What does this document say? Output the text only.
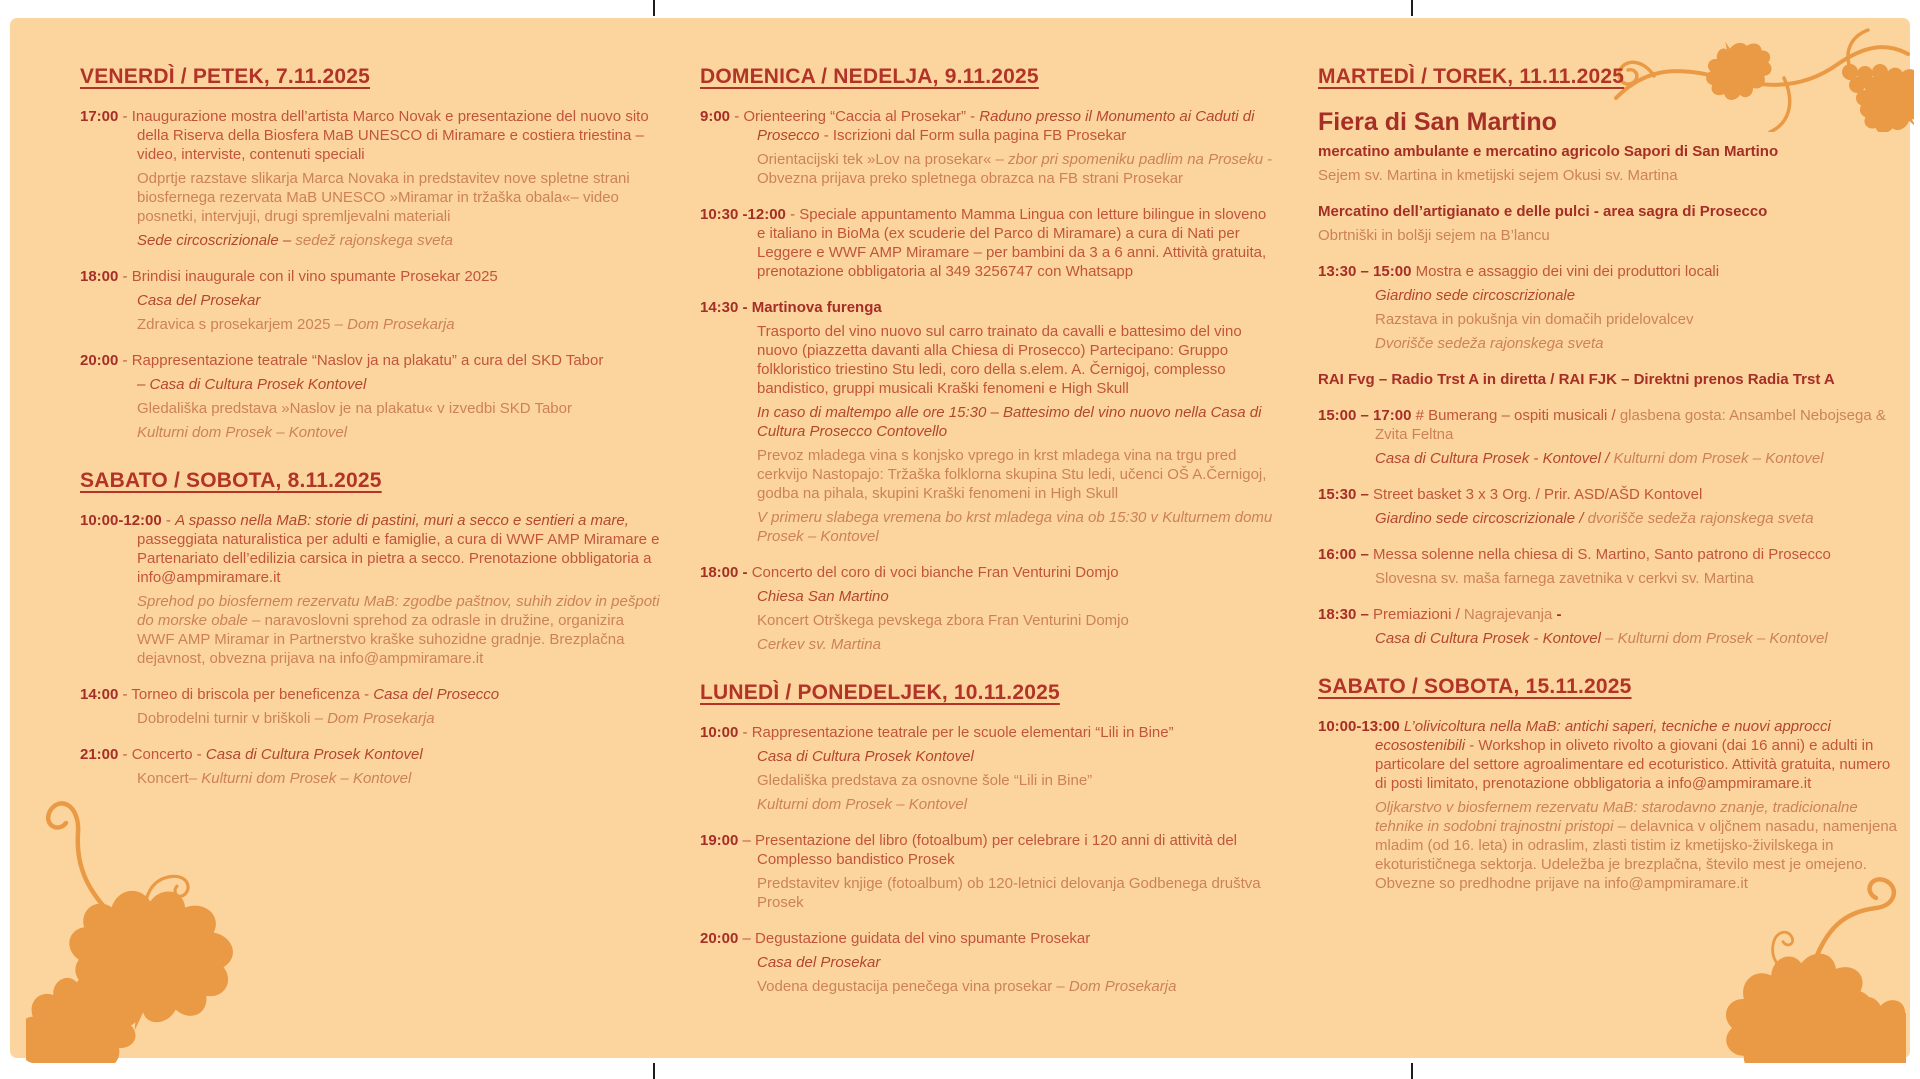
VENERDÌ / PETEK, 7.11.2025

17:00 - Inaugurazione mostra dell’artista Marco Novak e presentazione del nuovo sito della Riserva della Biosfera MaB UNESCO di Miramare e costiera triestina – video, interviste, contenuti speciali

Odprtje razstave slikarja Marca Novaka in predstavitev nove spletne strani biosfernega rezervata MaB UNESCO »Miramar in tržaška obala«– video posnetki, intervjuji, drugi spremljevalni materiali

Sede circoscrizionale – sedež rajonskega sveta

18:00 - Brindisi inaugurale con il vino spumante Prosekar 2025

Casa del Prosekar

Zdravica s prosekarjem 2025 – Dom Prosekarja

20:00 - Rappresentazione teatrale “Naslov ja na plakatu” a cura del SKD Tabor

– Casa di Cultura Prosek Kontovel

Gledališka predstava »Naslov je na plakatu« v izvedbi SKD Tabor

Kulturni dom Prosek – Kontovel

SABATO / SOBOTA, 8.11.2025

10:00-12:00 - A spasso nella MaB: storie di pastini, muri a secco e sentieri a mare, passeggiata naturalistica per adulti e famiglie, a cura di WWF AMP Miramare e Partenariato dell’edilizia carsica in pietra a secco. Prenotazione obbligatoria a info@ampmiramare.it

Sprehod po biosfernem rezervatu MaB: zgodbe paštnov, suhih zidov in pešpoti do morske obale – naravoslovni sprehod za odrasle in družine, organizira WWF AMP Miramar in Partnerstvo kraške suhozidne gradnje. Brezplačna dejavnost, obvezna prijava na info@ampmiramare.it

14:00 - Torneo di briscola per beneficenza - Casa del Prosecco

Dobrodelni turnir v briškoli – Dom Prosekarja

21:00 - Concerto - Casa di Cultura Prosek Kontovel

Koncert– Kulturni dom Prosek – Kontovel

DOMENICA / NEDELJA, 9.11.2025

9:00 - Orienteering “Caccia al Prosekar” - Raduno presso il Monumento ai Caduti di Prosecco - Iscrizioni dal Form sulla pagina FB Prosekar

Orientacijski tek »Lov na prosekar« – zbor pri spomeniku padlim na Proseku - Obvezna prijava preko spletnega obrazca na FB strani Prosekar

10:30 -12:00 - Speciale appuntamento Mamma Lingua con letture bilingue in sloveno e italiano in BioMa (ex scuderie del Parco di Miramare) a cura di Nati per Leggere e WWF AMP Miramare – per bambini da 3 a 6 anni. Attività gratuita, prenotazione obbligatoria al 349 3256747 con Whatsapp

14:30 - Martinova furenga

Trasporto del vino nuovo sul carro trainato da cavalli e battesimo del vino nuovo (piazzetta davanti alla Chiesa di Prosecco) Partecipano: Gruppo folkloristico triestino Stu ledi, coro della s.elem. A. Černigoj, complesso bandistico, gruppi musicali Kraški fenomeni e High Skull

In caso di maltempo alle ore 15:30 – Battesimo del vino nuovo nella Casa di Cultura Prosecco Contovello

Prevoz mladega vina s konjsko vprego in krst mladega vina na trgu pred cerkvijo Nastopajo: Tržaška folklorna skupina Stu ledi, učenci OŠ A.Černigoj, godba na pihala, skupini Kraški fenomeni in High Skull

V primeru slabega vremena bo krst mladega vina ob 15:30 v Kulturnem domu Prosek – Kontovel

18:00 - Concerto del coro di voci bianche Fran Venturini Domjo

Chiesa San Martino

Koncert Otrškega pevskega zbora Fran Venturini Domjo

Cerkev sv. Martina

LUNEDÌ / PONEDELJEK, 10.11.2025

10:00 - Rappresentazione teatrale per le scuole elementari “Lili in Bine”

Casa di Cultura Prosek Kontovel

Gledališka predstava za osnovne šole “Lili in Bine”

Kulturni dom Prosek – Kontovel

19:00 – Presentazione del libro (fotoalbum) per celebrare i 120 anni di attività del Complesso bandistico Prosek

Predstavitev knjige (fotoalbum) ob 120-letnici delovanja Godbenega društva Prosek

20:00 – Degustazione guidata del vino spumante Prosekar

Casa del Prosekar

Vodena degustacija penečega vina prosekar – Dom Prosekarja

MARTEDÌ / TOREK, 11.11.2025

Fiera di San Martino

mercatino ambulante e mercatino agricolo Sapori di San Martino

Sejem sv. Martina in kmetijski sejem Okusi sv. Martina

Mercatino dell’artigianato e delle pulci - area sagra di Prosecco

Obrtniški in bolšji sejem na B’lancu

13:30 – 15:00 Mostra e assaggio dei vini dei produttori locali

Giardino sede circoscrizionale

Razstava in pokušnja vin domačih pridelovalcev

Dvorišče sedeža rajonskega sveta

RAI Fvg – Radio Trst A in diretta / RAI FJK – Direktni prenos Radia Trst A

15:00 – 17:00 # Bumerang – ospiti musicali / glasbena gosta: Ansambel Nebojsega & Zvita Feltna

Casa di Cultura Prosek - Kontovel / Kulturni dom Prosek – Kontovel

15:30 – Street basket 3 x 3 Org. / Prir. ASD/AŠD Kontovel

Giardino sede circoscrizionale / dvorišče sedeža rajonskega sveta

16:00 – Messa solenne nella chiesa di S. Martino, Santo patrono di Prosecco

Slovesna sv. maša farnega zavetnika v cerkvi sv. Martina

18:30 – Premiazioni / Nagrajevanja -

Casa di Cultura Prosek - Kontovel – Kulturni dom Prosek – Kontovel

SABATO / SOBOTA, 15.11.2025

10:00-13:00 L’olivicoltura nella MaB: antichi saperi, tecniche e nuovi approcci ecosostenibili - Workshop in oliveto rivolto a giovani (dai 16 anni) e adulti in particolare del settore agroalimentare ed ecoturistico. Attività gratuita, numero di posti limitato, prenotazione obbligatoria a info@ampmiramare.it

Oljkarstvo v biosfernem rezervatu MaB: starodavno znanje, tradicionalne tehnike in sodobni trajnostni pristopi – delavnica v oljčnem nasadu, namenjena mladim (od 16. leta) in odraslim, zlasti tistim iz kmetijsko-živilskega in ekoturističnega sektorja. Udeležba je brezplačna, število mest je omejeno. Obvezne so predhodne prijave na info@ampmiramare.it
